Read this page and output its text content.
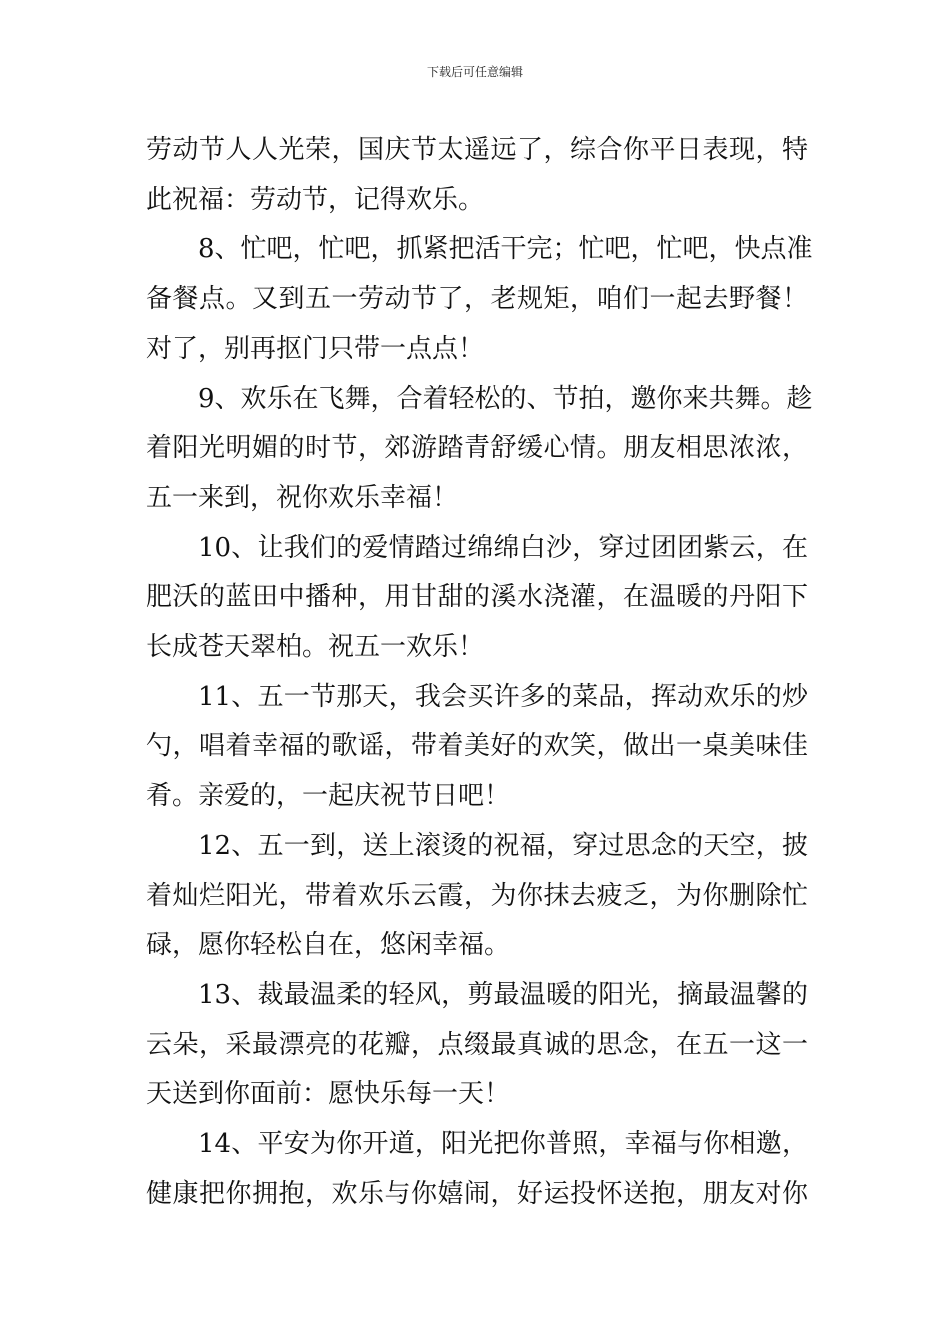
下载后可任意编辑

劳动节人人光荣，国庆节太遥远了，综合你平日表现，特
此祝福：劳动节，记得欢乐。

8、忙吧，忙吧，抓紧把活干完；忙吧，忙吧，快点准
备餐点。又到五一劳动节了，老规矩，咱们一起去野餐！
对了，别再抠门只带一点点！

9、欢乐在飞舞，合着轻松的、节拍，邀你来共舞。趁
着阳光明媚的时节，郊游踏青舒缓心情。朋友相思浓浓，
五一来到，祝你欢乐幸福！

10、让我们的爱情踏过绵绵白沙，穿过团团紫云，在
肥沃的蓝田中播种，用甘甜的溪水浇灌，在温暖的丹阳下
长成苍天翠柏。祝五一欢乐！

11、五一节那天，我会买许多的菜品，挥动欢乐的炒
勺，唱着幸福的歌谣，带着美好的欢笑，做出一桌美味佳
肴。亲爱的，一起庆祝节日吧！

12、五一到，送上滚烫的祝福，穿过思念的天空，披
着灿烂阳光，带着欢乐云霞，为你抹去疲乏，为你删除忙
碌，愿你轻松自在，悠闲幸福。

13、裁最温柔的轻风，剪最温暖的阳光，摘最温馨的
云朵，采最漂亮的花瓣，点缀最真诚的思念，在五一这一
天送到你面前：愿快乐每一天！

14、平安为你开道，阳光把你普照，幸福与你相邀，
健康把你拥抱，欢乐与你嬉闹，好运投怀送抱，朋友对你
